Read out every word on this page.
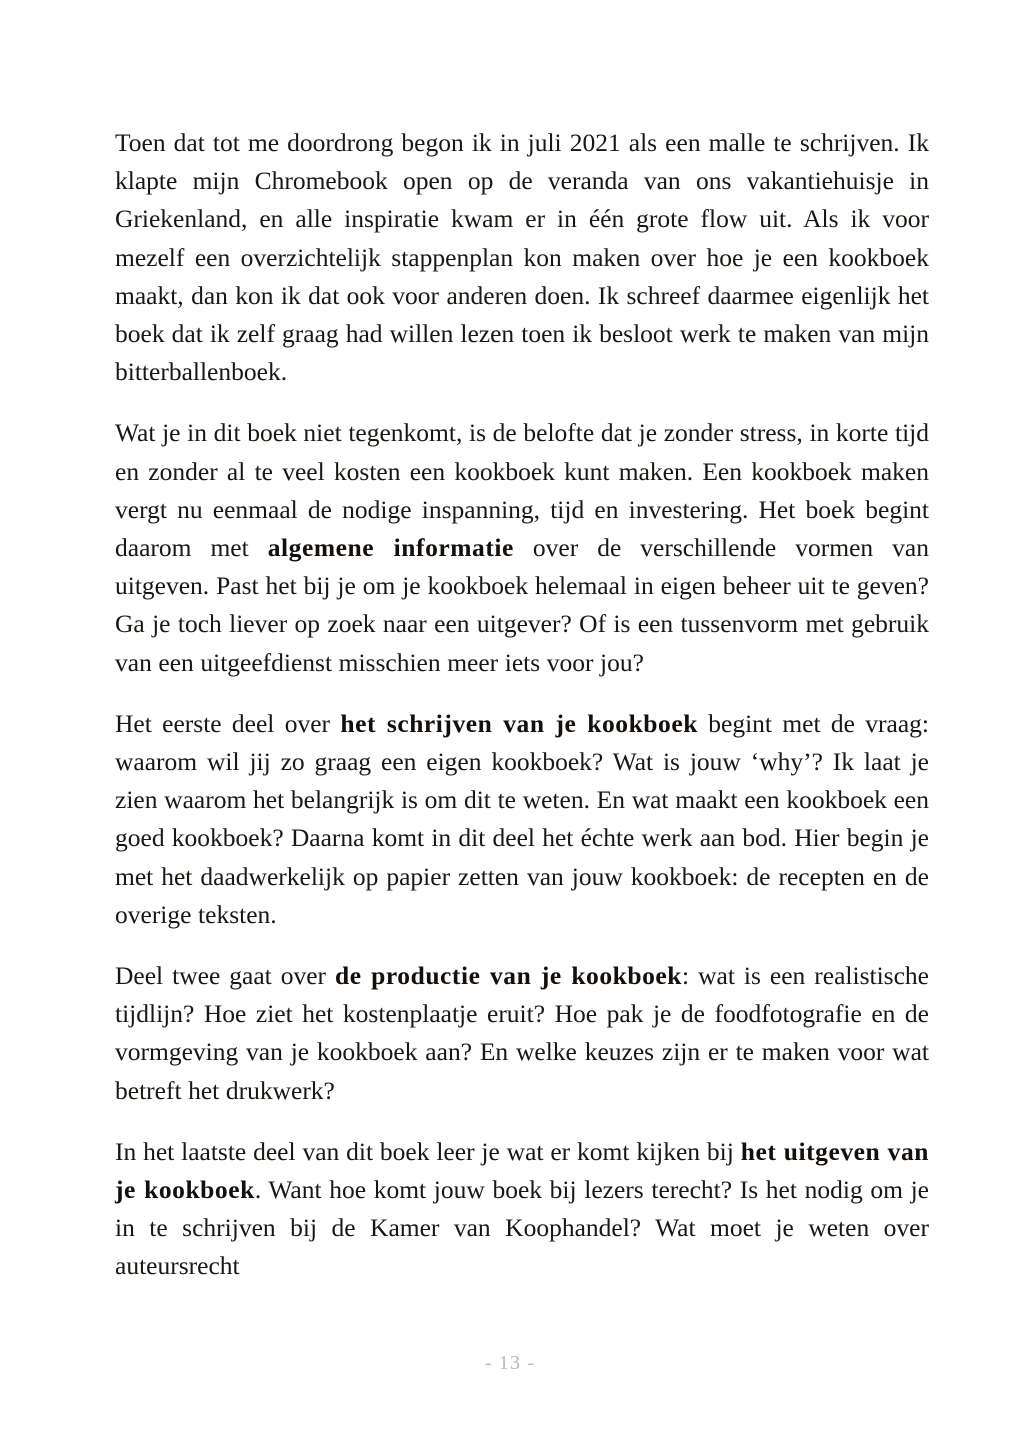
Toen dat tot me doordrong begon ik in juli 2021 als een malle te schrijven. Ik klapte mijn Chromebook open op de veranda van ons vakantiehuisje in Griekenland, en alle inspiratie kwam er in één grote flow uit. Als ik voor mezelf een overzichtelijk stappenplan kon maken over hoe je een kookboek maakt, dan kon ik dat ook voor anderen doen. Ik schreef daarmee eigenlijk het boek dat ik zelf graag had willen lezen toen ik besloot werk te maken van mijn bitterballenboek.

Wat je in dit boek niet tegenkomt, is de belofte dat je zonder stress, in korte tijd en zonder al te veel kosten een kookboek kunt maken. Een kookboek maken vergt nu eenmaal de nodige inspanning, tijd en investering. Het boek begint daarom met algemene informatie over de verschillende vormen van uitgeven. Past het bij je om je kookboek helemaal in eigen beheer uit te geven? Ga je toch liever op zoek naar een uitgever? Of is een tussenvorm met gebruik van een uitgeefdienst misschien meer iets voor jou?

Het eerste deel over het schrijven van je kookboek begint met de vraag: waarom wil jij zo graag een eigen kookboek? Wat is jouw ‘why’? Ik laat je zien waarom het belangrijk is om dit te weten. En wat maakt een kookboek een goed kookboek? Daarna komt in dit deel het échte werk aan bod. Hier begin je met het daadwerkelijk op papier zetten van jouw kookboek: de recepten en de overige teksten.

Deel twee gaat over de productie van je kookboek: wat is een realistische tijdlijn? Hoe ziet het kostenplaatje eruit? Hoe pak je de foodfotografie en de vormgeving van je kookboek aan? En welke keuzes zijn er te maken voor wat betreft het drukwerk?

In het laatste deel van dit boek leer je wat er komt kijken bij het uitgeven van je kookboek. Want hoe komt jouw boek bij lezers terecht? Is het nodig om je in te schrijven bij de Kamer van Koophandel? Wat moet je weten over auteursrecht

- 13 -
